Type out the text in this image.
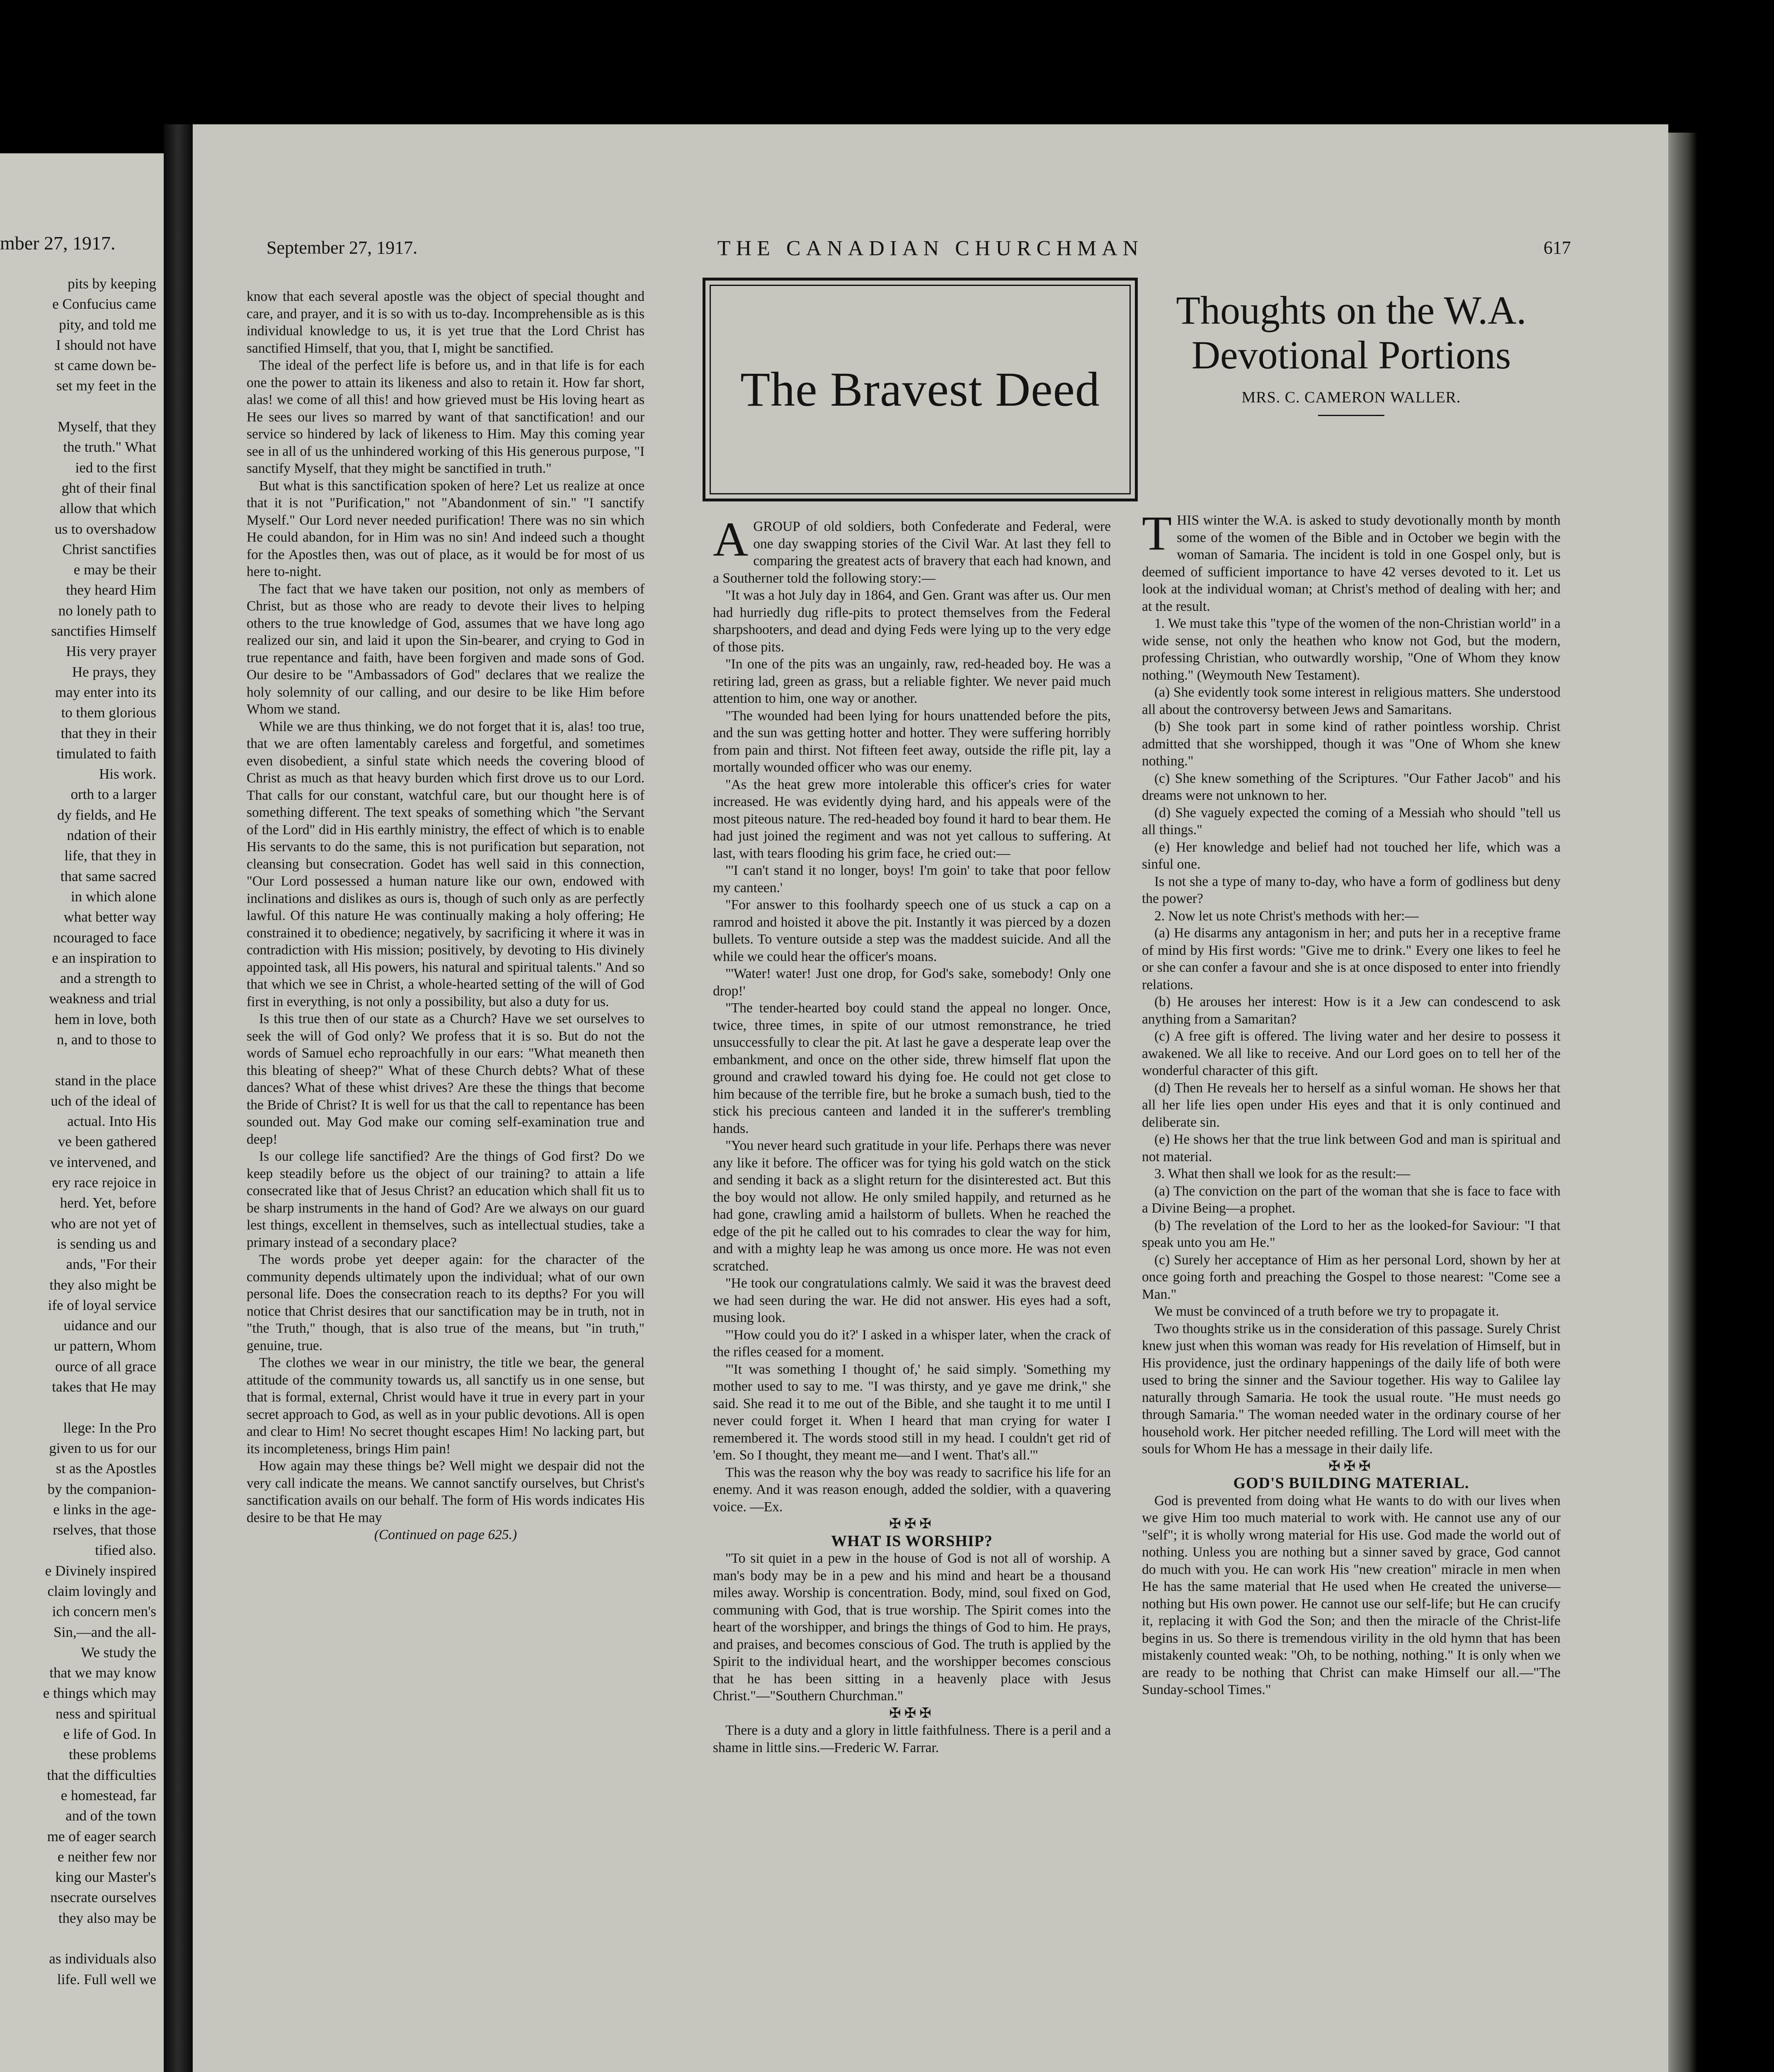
mber 27, 1917.
pits by keeping
e Confucius came
pity, and told me
I should not have
st came down be-
set my feet in the
Myself, that they
the truth." What
ied to the first
ght of their final
allow that which
us to overshadow
Christ sanctifies
e may be their
they heard Him
no lonely path to
sanctifies Himself
His very prayer
He prays, they
may enter into its
to them glorious
that they in their
timulated to faith
His work.
orth to a larger
dy fields, and He
ndation of their
life, that they in
that same sacred
in which alone
what better way
ncouraged to face
e an inspiration to
and a strength to
weakness and trial
hem in love, both
n, and to those to
stand in the place
uch of the ideal of
actual. Into His
ve been gathered
ve intervened, and
ery race rejoice in
herd. Yet, before
who are not yet of
is sending us and
ands, "For their
they also might be
ife of loyal service
uidance and our
ur pattern, Whom
ource of all grace
takes that He may
llege: In the Pro
given to us for our
st as the Apostles
by the companion-
e links in the age-
rselves, that those
tified also.
e Divinely inspired
claim lovingly and
ich concern men's
Sin,—and the all-
We study the
that we may know
e things which may
ness and spiritual
e life of God. In
these problems
that the difficulties
e homestead, far
and of the town
me of eager search
e neither few nor
king our Master's
nsecrate ourselves
they also may be
as individuals also
life. Full well we
September 27, 1917.	THE CANADIAN CHURCHMAN	617

know that each several apostle was the object of special thought and care, and prayer, and it is so with us to-day. Incomprehensible as is this individual knowledge to us, it is yet true that the Lord Christ has sanctified Himself, that you, that I, might be sanctified.

The ideal of the perfect life is before us, and in that life is for each one the power to attain its likeness and also to retain it. How far short, alas! we come of all this! and how grieved must be His loving heart as He sees our lives so marred by want of that sanctification! and our service so hindered by lack of likeness to Him. May this coming year see in all of us the unhindered working of this His generous purpose, "I sanctify Myself, that they might be sanctified in truth."

But what is this sanctification spoken of here? Let us realize at once that it is not "Purification," not "Abandonment of sin." "I sanctify Myself." Our Lord never needed purification! There was no sin which He could abandon, for in Him was no sin! And indeed such a thought for the Apostles then, was out of place, as it would be for most of us here to-night.

The fact that we have taken our position, not only as members of Christ, but as those who are ready to devote their lives to helping others to the true knowledge of God, assumes that we have long ago realized our sin, and laid it upon the Sin-bearer, and crying to God in true repentance and faith, have been forgiven and made sons of God. Our desire to be "Ambassadors of God" declares that we realize the holy solemnity of our calling, and our desire to be like Him before Whom we stand.

While we are thus thinking, we do not forget that it is, alas! too true, that we are often lamentably careless and forgetful, and sometimes even disobedient, a sinful state which needs the covering blood of Christ as much as that heavy burden which first drove us to our Lord. That calls for our constant, watchful care, but our thought here is of something different. The text speaks of something which "the Servant of the Lord" did in His earthly ministry, the effect of which is to enable His servants to do the same, this is not purification but separation, not cleansing but consecration. Godet has well said in this connection, "Our Lord possessed a human nature like our own, endowed with inclinations and dislikes as ours is, though of such only as are perfectly lawful. Of this nature He was continually making a holy offering; He constrained it to obedience; negatively, by sacrificing it where it was in contradiction with His mission; positively, by devoting to His divinely appointed task, all His powers, his natural and spiritual talents." And so that which we see in Christ, a whole-hearted setting of the will of God first in everything, is not only a possibility, but also a duty for us.

Is this true then of our state as a Church? Have we set ourselves to seek the will of God only? We profess that it is so. But do not the words of Samuel echo reproachfully in our ears: "What meaneth then this bleating of sheep?" What of these Church debts? What of these dances? What of these whist drives? Are these the things that become the Bride of Christ? It is well for us that the call to repentance has been sounded out. May God make our coming self-examination true and deep!

Is our college life sanctified? Are the things of God first? Do we keep steadily before us the object of our training? to attain a life consecrated like that of Jesus Christ? an education which shall fit us to be sharp instruments in the hand of God? Are we always on our guard lest things, excellent in themselves, such as intellectual studies, take a primary instead of a secondary place?

The words probe yet deeper again: for the character of the community depends ultimately upon the individual; what of our own personal life. Does the consecration reach to its depths? For you will notice that Christ desires that our sanctification may be in truth, not in "the Truth," though, that is also true of the means, but "in truth," genuine, true.

The clothes we wear in our ministry, the title we bear, the general attitude of the community towards us, all sanctify us in one sense, but that is formal, external, Christ would have it true in every part in your secret approach to God, as well as in your public devotions. All is open and clear to Him! No secret thought escapes Him! No lacking part, but its incompleteness, brings Him pain!

How again may these things be? Well might we despair did not the very call indicate the means. We cannot sanctify ourselves, but Christ's sanctification avails on our behalf. The form of His words indicates His desire to be that He may

(Continued on page 625.)

The Bravest Deed

AGROUP of old soldiers, both Confederate and Federal, were one day swapping stories of the Civil War. At last they fell to comparing the greatest acts of bravery that each had known, and a Southerner told the following story:—

"It was a hot July day in 1864, and Gen. Grant was after us. Our men had hurriedly dug rifle-pits to protect themselves from the Federal sharpshooters, and dead and dying Feds were lying up to the very edge of those pits.

"In one of the pits was an ungainly, raw, red-headed boy. He was a retiring lad, green as grass, but a reliable fighter. We never paid much attention to him, one way or another.

"The wounded had been lying for hours unattended before the pits, and the sun was getting hotter and hotter. They were suffering horribly from pain and thirst. Not fifteen feet away, outside the rifle pit, lay a mortally wounded officer who was our enemy.

"As the heat grew more intolerable this officer's cries for water increased. He was evidently dying hard, and his appeals were of the most piteous nature. The red-headed boy found it hard to bear them. He had just joined the regiment and was not yet callous to suffering. At last, with tears flooding his grim face, he cried out:—

"'I can't stand it no longer, boys! I'm goin' to take that poor fellow my canteen.'

"For answer to this foolhardy speech one of us stuck a cap on a ramrod and hoisted it above the pit. Instantly it was pierced by a dozen bullets. To venture outside a step was the maddest suicide. And all the while we could hear the officer's moans.

"'Water! water! Just one drop, for God's sake, somebody! Only one drop!'

"The tender-hearted boy could stand the appeal no longer. Once, twice, three times, in spite of our utmost remonstrance, he tried unsuccessfully to clear the pit. At last he gave a desperate leap over the embankment, and once on the other side, threw himself flat upon the ground and crawled toward his dying foe. He could not get close to him because of the terrible fire, but he broke a sumach bush, tied to the stick his precious canteen and landed it in the sufferer's trembling hands.

"You never heard such gratitude in your life. Perhaps there was never any like it before. The officer was for tying his gold watch on the stick and sending it back as a slight return for the disinterested act. But this the boy would not allow. He only smiled happily, and returned as he had gone, crawling amid a hailstorm of bullets. When he reached the edge of the pit he called out to his comrades to clear the way for him, and with a mighty leap he was among us once more. He was not even scratched.

"He took our congratulations calmly. We said it was the bravest deed we had seen during the war. He did not answer. His eyes had a soft, musing look.

"'How could you do it?' I asked in a whisper later, when the crack of the rifles ceased for a moment.

"'It was something I thought of,' he said simply. 'Something my mother used to say to me. "I was thirsty, and ye gave me drink," she said. She read it to me out of the Bible, and she taught it to me until I never could forget it. When I heard that man crying for water I remembered it. The words stood still in my head. I couldn't get rid of 'em. So I thought, they meant me—and I went. That's all.'"

This was the reason why the boy was ready to sacrifice his life for an enemy. And it was reason enough, added the soldier, with a quavering voice. —Ex.

✠✠✠

WHAT IS WORSHIP?

"To sit quiet in a pew in the house of God is not all of worship. A man's body may be in a pew and his mind and heart be a thousand miles away. Worship is concentration. Body, mind, soul fixed on God, communing with God, that is true worship. The Spirit comes into the heart of the worshipper, and brings the things of God to him. He prays, and praises, and becomes conscious of God. The truth is applied by the Spirit to the individual heart, and the worshipper becomes conscious that he has been sitting in a heavenly place with Jesus Christ."—"Southern Churchman."

✠✠✠

There is a duty and a glory in little faithfulness. There is a peril and a shame in little sins.—Frederic W. Farrar.

Thoughts on the W.A. Devotional Portions
MRS. C. CAMERON WALLER.

THIS winter the W.A. is asked to study devotionally month by month some of the women of the Bible and in October we begin with the woman of Samaria. The incident is told in one Gospel only, but is deemed of sufficient importance to have 42 verses devoted to it. Let us look at the individual woman; at Christ's method of dealing with her; and at the result.

1. We must take this "type of the women of the non-Christian world" in a wide sense, not only the heathen who know not God, but the modern, professing Christian, who outwardly worship, "One of Whom they know nothing." (Weymouth New Testament).

(a) She evidently took some interest in religious matters. She understood all about the controversy between Jews and Samaritans.

(b) She took part in some kind of rather pointless worship. Christ admitted that she worshipped, though it was "One of Whom she knew nothing."

(c) She knew something of the Scriptures. "Our Father Jacob" and his dreams were not unknown to her.

(d) She vaguely expected the coming of a Messiah who should "tell us all things."

(e) Her knowledge and belief had not touched her life, which was a sinful one.

Is not she a type of many to-day, who have a form of godliness but deny the power?

2. Now let us note Christ's methods with her:—

(a) He disarms any antagonism in her; and puts her in a receptive frame of mind by His first words: "Give me to drink." Every one likes to feel he or she can confer a favour and she is at once disposed to enter into friendly relations.

(b) He arouses her interest: How is it a Jew can condescend to ask anything from a Samaritan?

(c) A free gift is offered. The living water and her desire to possess it awakened. We all like to receive. And our Lord goes on to tell her of the wonderful character of this gift.

(d) Then He reveals her to herself as a sinful woman. He shows her that all her life lies open under His eyes and that it is only continued and deliberate sin.

(e) He shows her that the true link between God and man is spiritual and not material.

3. What then shall we look for as the result:—

(a) The conviction on the part of the woman that she is face to face with a Divine Being—a prophet.

(b) The revelation of the Lord to her as the looked-for Saviour: "I that speak unto you am He."

(c) Surely her acceptance of Him as her personal Lord, shown by her at once going forth and preaching the Gospel to those nearest: "Come see a Man."

We must be convinced of a truth before we try to propagate it.

Two thoughts strike us in the consideration of this passage. Surely Christ knew just when this woman was ready for His revelation of Himself, but in His providence, just the ordinary happenings of the daily life of both were used to bring the sinner and the Saviour together. His way to Galilee lay naturally through Samaria. He took the usual route. "He must needs go through Samaria." The woman needed water in the ordinary course of her household work. Her pitcher needed refilling. The Lord will meet with the souls for Whom He has a message in their daily life.

✠✠✠

GOD'S BUILDING MATERIAL.

God is prevented from doing what He wants to do with our lives when we give Him too much material to work with. He cannot use any of our "self"; it is wholly wrong material for His use. God made the world out of nothing. Unless you are nothing but a sinner saved by grace, God cannot do much with you. He can work His "new creation" miracle in men when He has the same material that He used when He created the universe—nothing but His own power. He cannot use our self-life; but He can crucify it, replacing it with God the Son; and then the miracle of the Christ-life begins in us. So there is tremendous virility in the old hymn that has been mistakenly counted weak: "Oh, to be nothing, nothing." It is only when we are ready to be nothing that Christ can make Himself our all.—"The Sunday-school Times."
